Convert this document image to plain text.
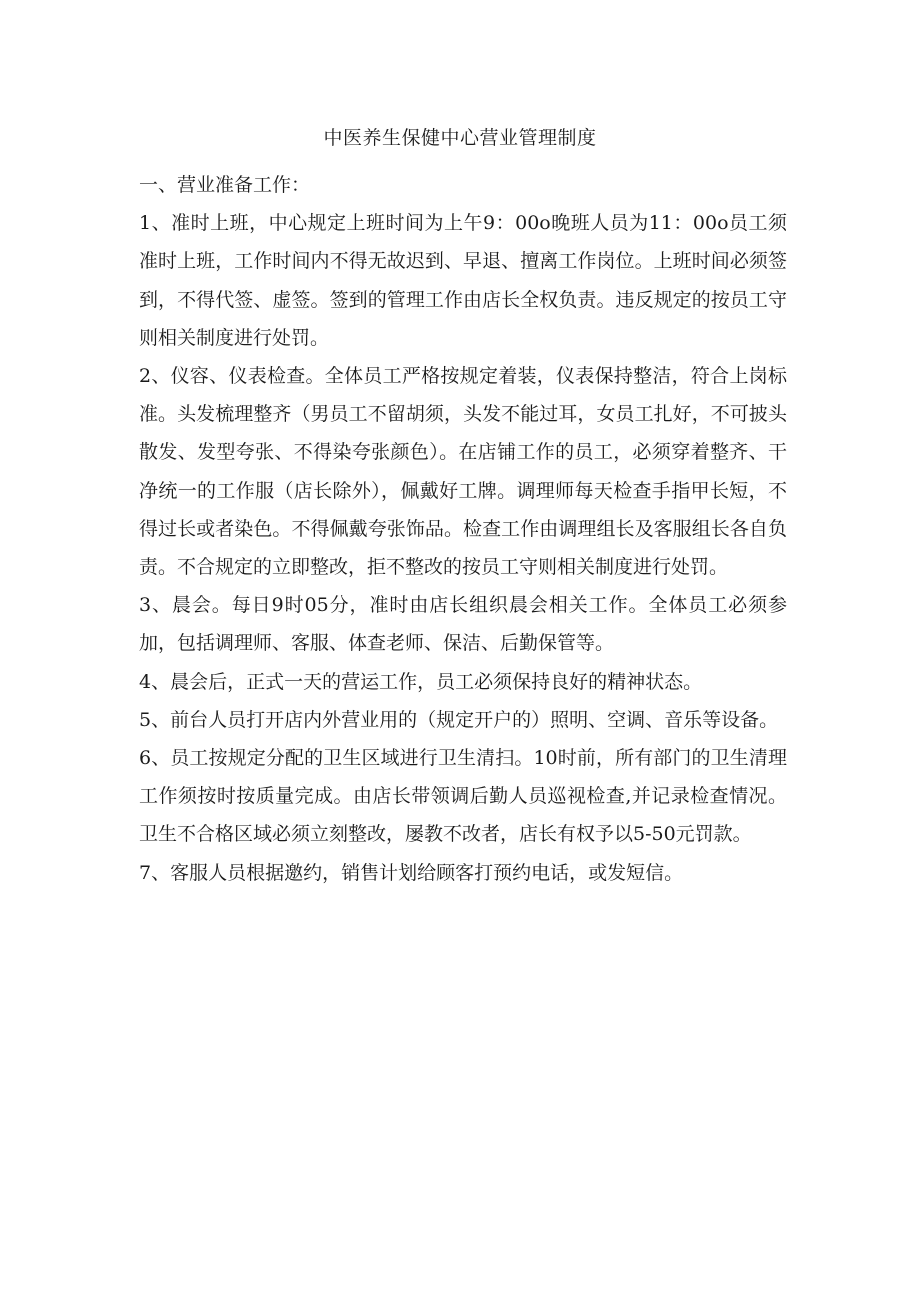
中医养生保健中心营业管理制度

一、营业准备工作：

1、准时上班，中心规定上班时间为上午9：00o晚班人员为11：00o员工须准时上班，工作时间内不得无故迟到、早退、擅离工作岗位。上班时间必须签到，不得代签、虚签。签到的管理工作由店长全权负责。违反规定的按员工守则相关制度进行处罚。

2、仪容、仪表检查。全体员工严格按规定着装，仪表保持整洁，符合上岗标准。头发梳理整齐（男员工不留胡须，头发不能过耳，女员工扎好，不可披头散发、发型夸张、不得染夸张颜色）。在店铺工作的员工，必须穿着整齐、干净统一的工作服（店长除外），佩戴好工牌。调理师每天检查手指甲长短，不得过长或者染色。不得佩戴夸张饰品。检查工作由调理组长及客服组长各自负责。不合规定的立即整改，拒不整改的按员工守则相关制度进行处罚。

3、晨会。每日9时05分，准时由店长组织晨会相关工作。全体员工必须参加，包括调理师、客服、体查老师、保洁、后勤保管等。

4、晨会后，正式一天的营运工作，员工必须保持良好的精神状态。

5、前台人员打开店内外营业用的（规定开户的）照明、空调、音乐等设备。

6、员工按规定分配的卫生区域进行卫生清扫。10时前，所有部门的卫生清理工作须按时按质量完成。由店长带领调后勤人员巡视检查,并记录检查情况。卫生不合格区域必须立刻整改，屡教不改者，店长有权予以5-50元罚款。

7、客服人员根据邀约，销售计划给顾客打预约电话，或发短信。
